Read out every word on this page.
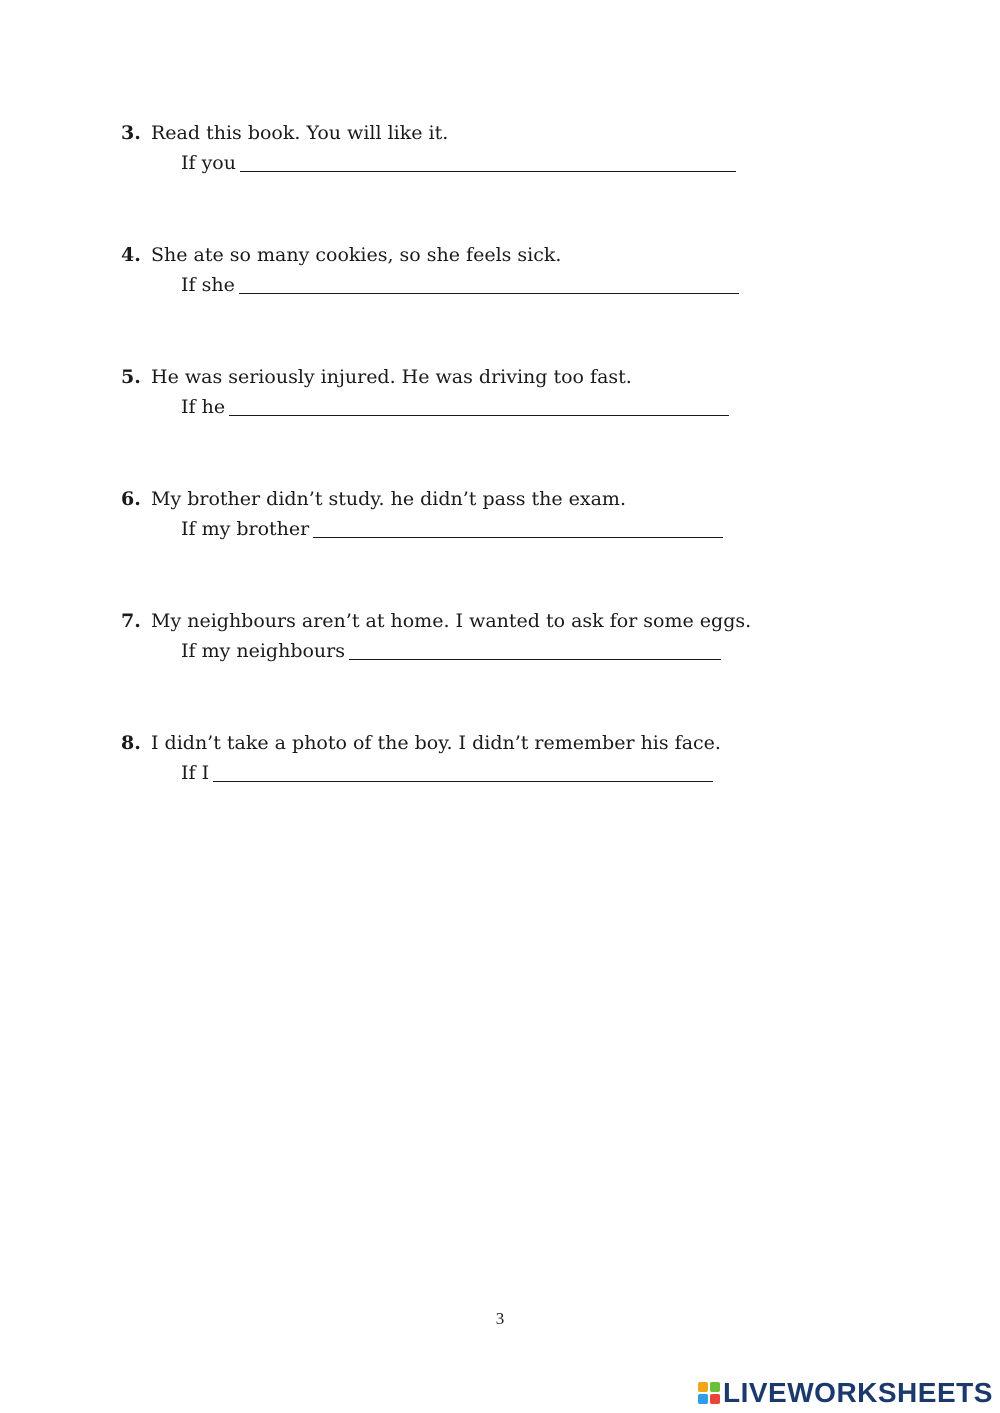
3. Read this book. You will like it.
If you
4. She ate so many cookies, so she feels sick.
If she
5. He was seriously injured. He was driving too fast.
If he
6. My brother didn’t study. he didn’t pass the exam.
If my brother
7. My neighbours aren’t at home. I wanted to ask for some eggs.
If my neighbours
8. I didn’t take a photo of the boy. I didn’t remember his face.
If I
3
LIVEWORKSHEETS
